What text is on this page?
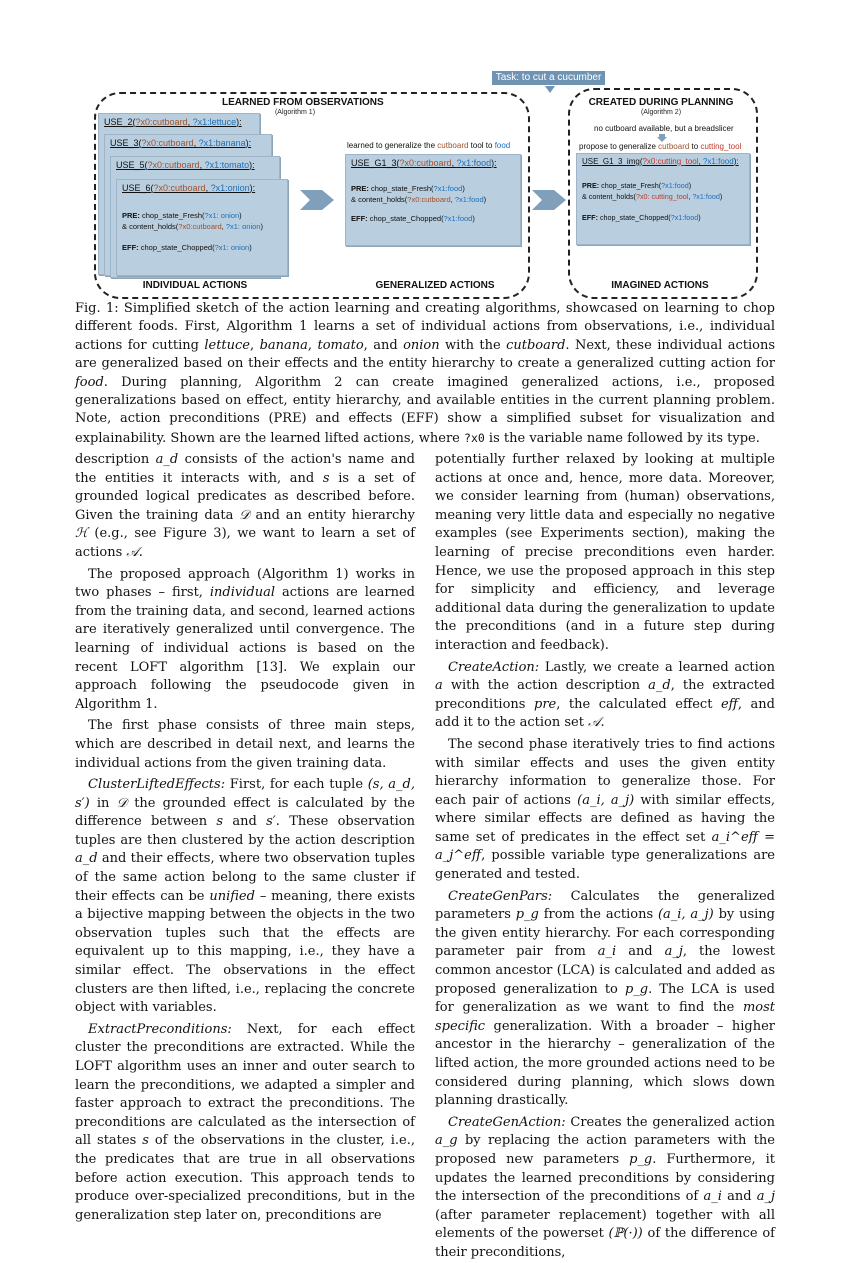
Task: to cut a cucumber
LEARNED FROM OBSERVATIONS
(Algorithm 1)
INDIVIDUAL ACTIONS
USE_2(?x0:cutboard, ?x1:lettuce):
USE_3(?x0:cutboard, ?x1:banana):
USE_5(?x0:cutboard, ?x1:tomato):
USE_6(?x0:cutboard, ?x1:onion):
PRE: chop_state_Fresh(?x1: onion)
& content_holds(?x0:cutboard, ?x1: onion)
EFF: chop_state_Chopped(?x1: onion)
learned to generalize the cutboard tool to food
USE_G1_3(?x0:cutboard, ?x1:food):
PRE: chop_state_Fresh(?x1:food)
& content_holds(?x0:cutboard, ?x1:food)
EFF: chop_state_Chopped(?x1:food)
GENERALIZED ACTIONS
CREATED DURING PLANNING
(Algorithm 2)
no cutboard available, but a breadslicer
propose to generalize cutboard to cutting_tool
USE_G1_3_img(?x0:cutting_tool, ?x1:food):
PRE: chop_state_Fresh(?x1:food)
& content_holds(?x0: cutting_tool, ?x1:food)
EFF: chop_state_Chopped(?x1:food)
IMAGINED ACTIONS
Fig. 1: Simplified sketch of the action learning and creating algorithms, showcased on learning to chop different foods. First, Algorithm 1 learns a set of individual actions from observations, i.e., individual actions for cutting lettuce, banana, tomato, and onion with the cutboard. Next, these individual actions are generalized based on their effects and the entity hierarchy to create a generalized cutting action for food. During planning, Algorithm 2 can create imagined generalized actions, i.e., proposed generalizations based on effect, entity hierarchy, and available entities in the current planning problem. Note, action preconditions (PRE) and effects (EFF) show a simplified subset for visualization and explainability. Shown are the learned lifted actions, where ?x0 is the variable name followed by its type.

description a_d consists of the action's name and the entities it interacts with, and s is a set of grounded logical predicates as described before. Given the training data 𝒟 and an entity hierarchy ℋ (e.g., see Figure 3), we want to learn a set of actions 𝒜.

The proposed approach (Algorithm 1) works in two phases – first, individual actions are learned from the training data, and second, learned actions are iteratively generalized until convergence. The learning of individual actions is based on the recent LOFT algorithm [13]. We explain our approach following the pseudocode given in Algorithm 1.

The first phase consists of three main steps, which are described in detail next, and learns the individual actions from the given training data.

ClusterLiftedEffects: First, for each tuple (s, a_d, s′) in 𝒟 the grounded effect is calculated by the difference between s and s′. These observation tuples are then clustered by the action description a_d and their effects, where two observation tuples of the same action belong to the same cluster if their effects can be unified – meaning, there exists a bijective mapping between the objects in the two observation tuples such that the effects are equivalent up to this mapping, i.e., they have a similar effect. The observations in the effect clusters are then lifted, i.e., replacing the concrete object with variables.

ExtractPreconditions: Next, for each effect cluster the preconditions are extracted. While the LOFT algorithm uses an inner and outer search to learn the preconditions, we adapted a simpler and faster approach to extract the preconditions. The preconditions are calculated as the intersection of all states s of the observations in the cluster, i.e., the predicates that are true in all observations before action execution. This approach tends to produce over-specialized preconditions, but in the generalization step later on, preconditions are

potentially further relaxed by looking at multiple actions at once and, hence, more data. Moreover, we consider learning from (human) observations, meaning very little data and especially no negative examples (see Experiments section), making the learning of precise preconditions even harder. Hence, we use the proposed approach in this step for simplicity and efficiency, and leverage additional data during the generalization to update the preconditions (and in a future step during interaction and feedback).

CreateAction: Lastly, we create a learned action a with the action description a_d, the extracted preconditions pre, the calculated effect eff, and add it to the action set 𝒜.

The second phase iteratively tries to find actions with similar effects and uses the given entity hierarchy information to generalize those. For each pair of actions (a_i, a_j) with similar effects, where similar effects are defined as having the same set of predicates in the effect set a_i^eff = a_j^eff, possible variable type generalizations are generated and tested.

CreateGenPars: Calculates the generalized parameters p_g from the actions (a_i, a_j) by using the given entity hierarchy. For each corresponding parameter pair from a_i and a_j, the lowest common ancestor (LCA) is calculated and added as proposed generalization to p_g. The LCA is used for generalization as we want to find the most specific generalization. With a broader – higher ancestor in the hierarchy – generalization of the lifted action, the more grounded actions need to be considered during planning, which slows down planning drastically.

CreateGenAction: Creates the generalized action a_g by replacing the action parameters with the proposed new parameters p_g. Furthermore, it updates the learned preconditions by considering the intersection of the preconditions of a_i and a_j (after parameter replacement) together with all elements of the powerset (ℙ(·)) of the difference of their preconditions,
